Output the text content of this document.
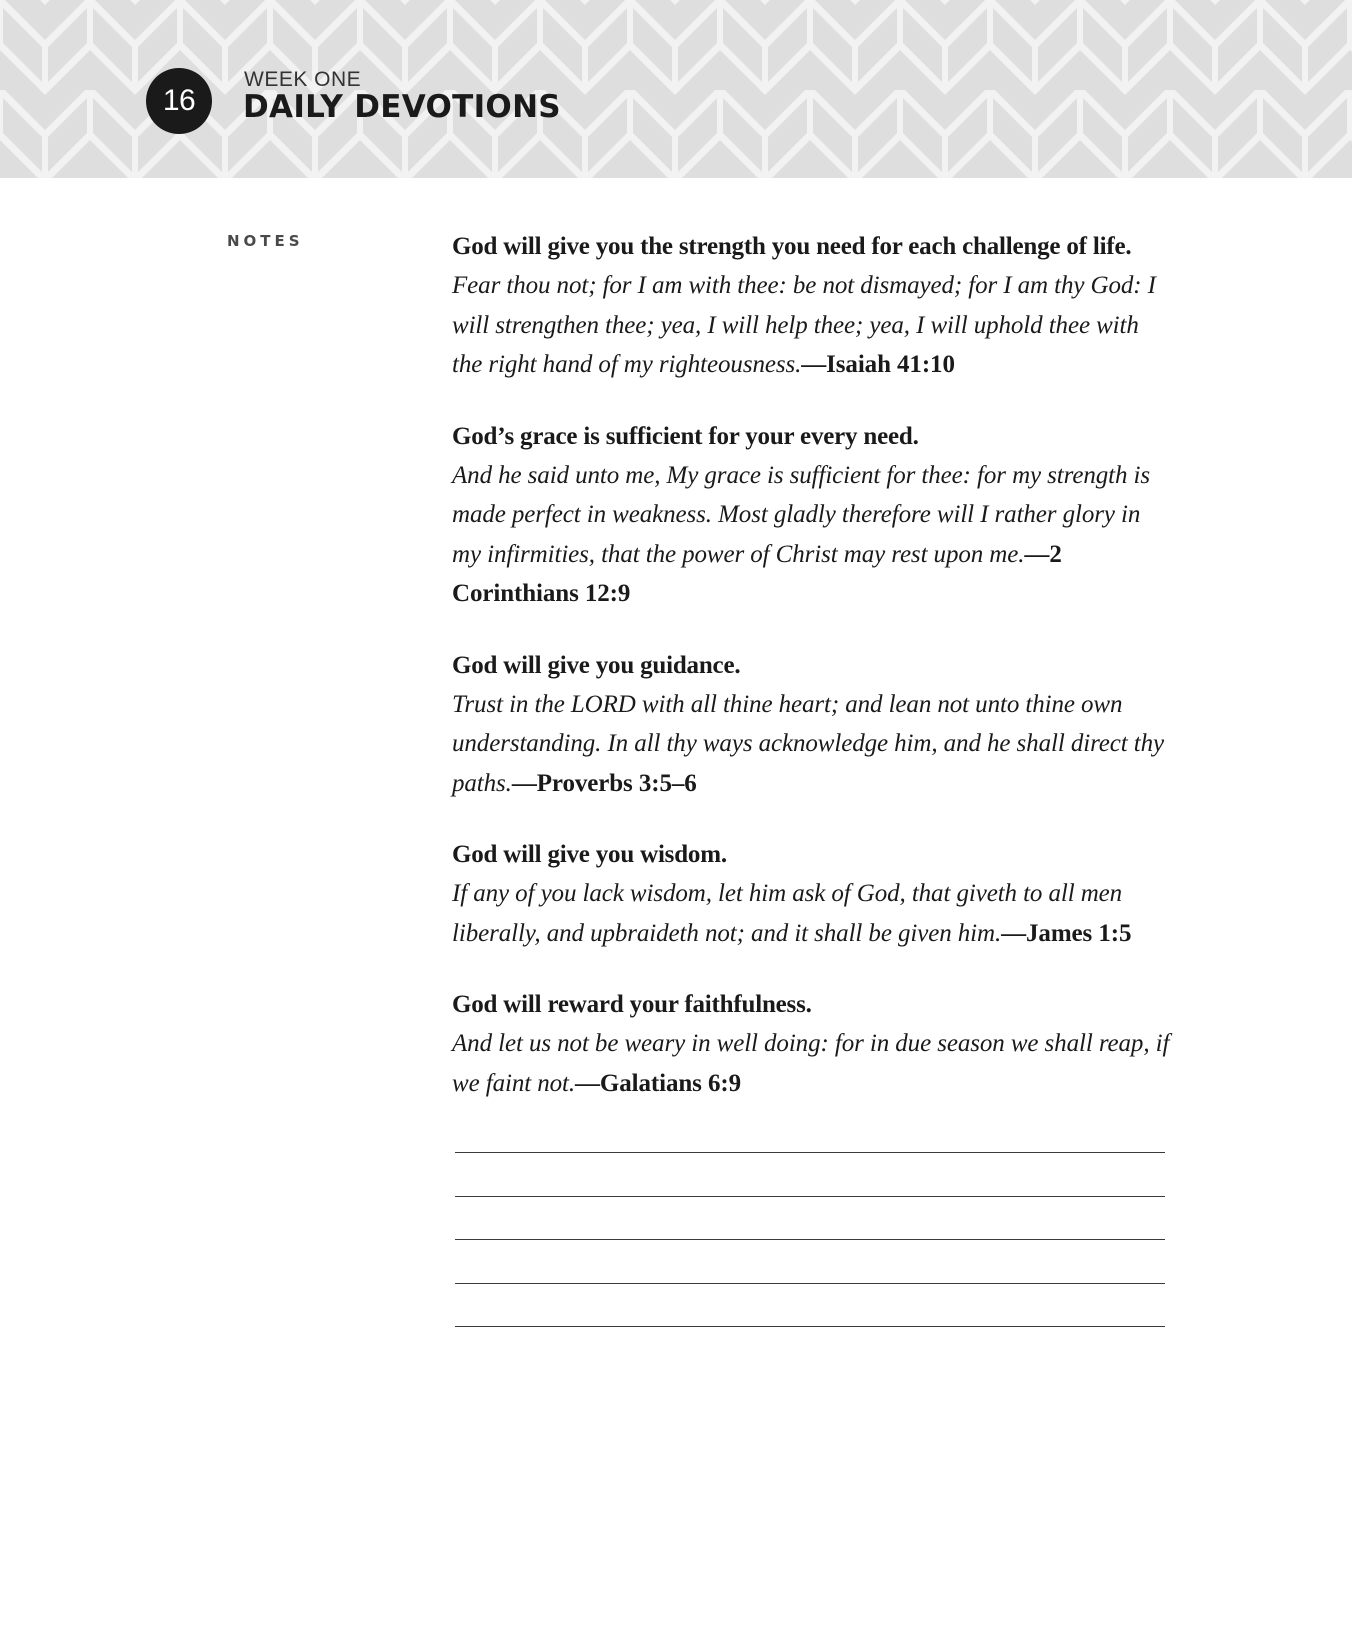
16
WEEK ONE
DAILY DEVOTIONS
NOTES	God will give you the strength you need for each challenge of life.

Fear thou not; for I am with thee: be not dismayed; for I am thy God: I will strengthen thee; yea, I will help thee; yea, I will uphold thee with the right hand of my righteousness.—Isaiah 41:10

God’s grace is sufficient for your every need.

And he said unto me, My grace is sufficient for thee: for my strength is made perfect in weakness. Most gladly therefore will I rather glory in my infirmities, that the power of Christ may rest upon me.—2 Corinthians 12:9

God will give you guidance.

Trust in the LORD with all thine heart; and lean not unto thine own understanding. In all thy ways acknowledge him, and he shall direct thy paths.—Proverbs 3:5–6

God will give you wisdom.

If any of you lack wisdom, let him ask of God, that giveth to all men liberally, and upbraideth not; and it shall be given him.—James 1:5

God will reward your faithfulness.

And let us not be weary in well doing: for in due season we shall reap, if we faint not.—Galatians 6:9
